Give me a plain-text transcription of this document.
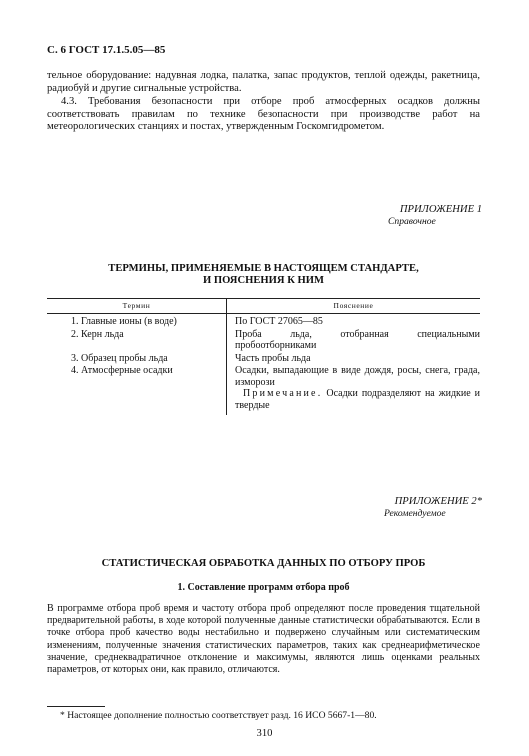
С. 6 ГОСТ 17.1.5.05—85
тельное оборудование: надувная лодка, палатка, запас продуктов, теплой одежды, ракетница, радиобуй и другие сигнальные устройства.
4.3. Требования безопасности при отборе проб атмосферных осадков должны соответствовать правилам по технике безопасности при производстве работ на метеорологических станциях и постах, утвержденным Госкомгидрометом.
ПРИЛОЖЕНИЕ 1
Справочное
ТЕРМИНЫ, ПРИМЕНЯЕМЫЕ В НАСТОЯЩЕМ СТАНДАРТЕ,
И ПОЯСНЕНИЯ К НИМ
Термин	Пояснение
1. Главные ионы (в воде)	По ГОСТ 27065—85
2. Керн льда	Проба льда, отобранная специальными пробоотборниками
3. Образец пробы льда	Часть пробы льда
4. Атмосферные осадки	Осадки, выпадающие в виде дождя, росы, снега, града, изморози
Примечание. Осадки подразделяют на жидкие и твердые
ПРИЛОЖЕНИЕ 2*
Рекомендуемое
СТАТИСТИЧЕСКАЯ ОБРАБОТКА ДАННЫХ ПО ОТБОРУ ПРОБ
1. Составление программ отбора проб
В программе отбора проб время и частоту отбора проб определяют после проведения тщательной предварительной работы, в ходе которой полученные данные статистически обрабатываются. Если в точке отбора проб качество воды нестабильно и подвержено случайным или систематическим изменениям, полученные значения статистических параметров, таких как среднеарифметическое значение, среднеквадратичное отклонение и максимумы, являются лишь оценками реальных параметров, от которых они, как правило, отличаются.
* Настоящее дополнение полностью соответствует разд. 16 ИСО 5667-1—80.
310
